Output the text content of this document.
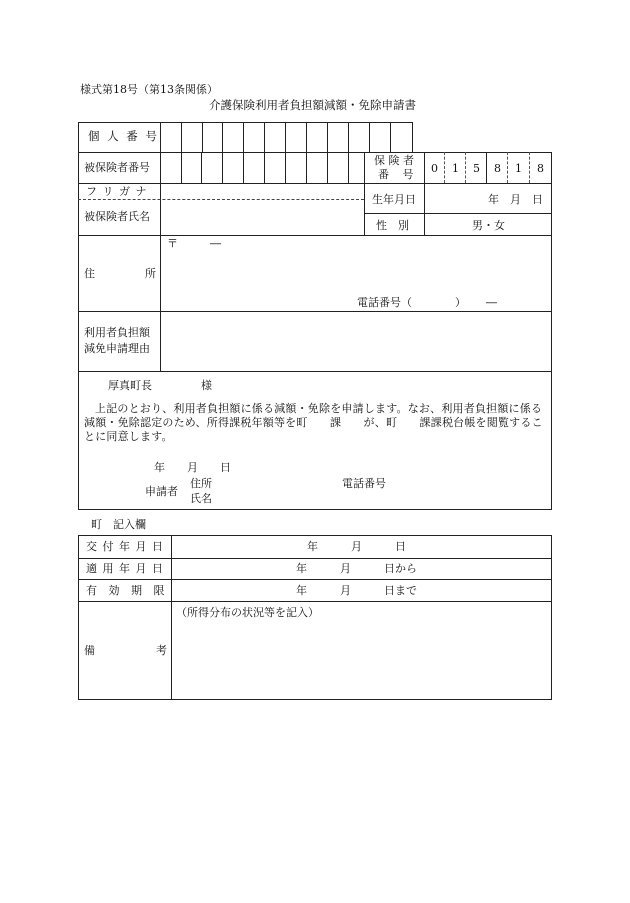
様式第18号（第13条関係）
介護保険利用者負担額減額・免除申請書
個 人 番 号
被保険者番号
保 険 者
番 号	0	1	5	8	1	8
フ リ ガ ナ
被保険者氏名
生年月日	年　月　日
性　別	男・女
住	所
〒	―
電話番号（	） ―
利用者負担額
減免申請理由
厚真町長	様
上記のとおり、利用者負担額に係る減額・免除を申請します。なお、利用者負担額に係る減額・免除認定のため、所得課税年額等を町　　課　　が、町　　課課税台帳を閲覧することに同意します。
年　　月　　日
申請者
住所
氏名
電話番号
町　記入欄
交 付 年 月 日	年　　　月　　　日
適 用 年 月 日	年　　　月　　　日から
有 効 期 限	年　　　月　　　日まで
備	考
（所得分布の状況等を記入）
